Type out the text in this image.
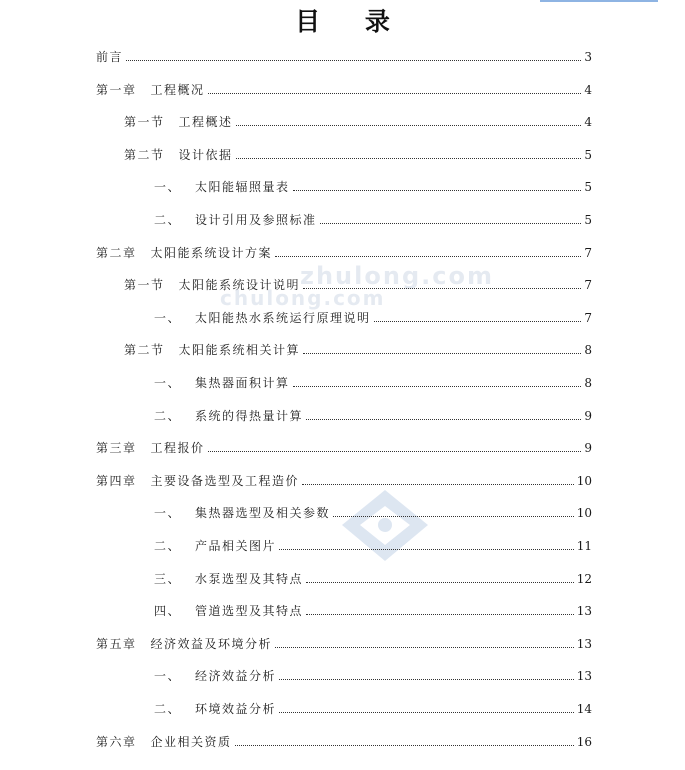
目 录
zhulong.com
chulong.com
前言	3
第一章 工程概况	4
第一节 工程概述	4
第二节 设计依据	5
一、 太阳能辐照量表	5
二、 设计引用及参照标准	5
第二章 太阳能系统设计方案	7
第一节 太阳能系统设计说明	7
一、 太阳能热水系统运行原理说明	7
第二节 太阳能系统相关计算	8
一、 集热器面积计算	8
二、 系统的得热量计算	9
第三章 工程报价	9
第四章 主要设备选型及工程造价	10
一、 集热器选型及相关参数	10
二、 产品相关图片	11
三、 水泵选型及其特点	12
四、 管道选型及其特点	13
第五章 经济效益及环境分析	13
一、 经济效益分析	13
二、 环境效益分析	14
第六章 企业相关资质	16
